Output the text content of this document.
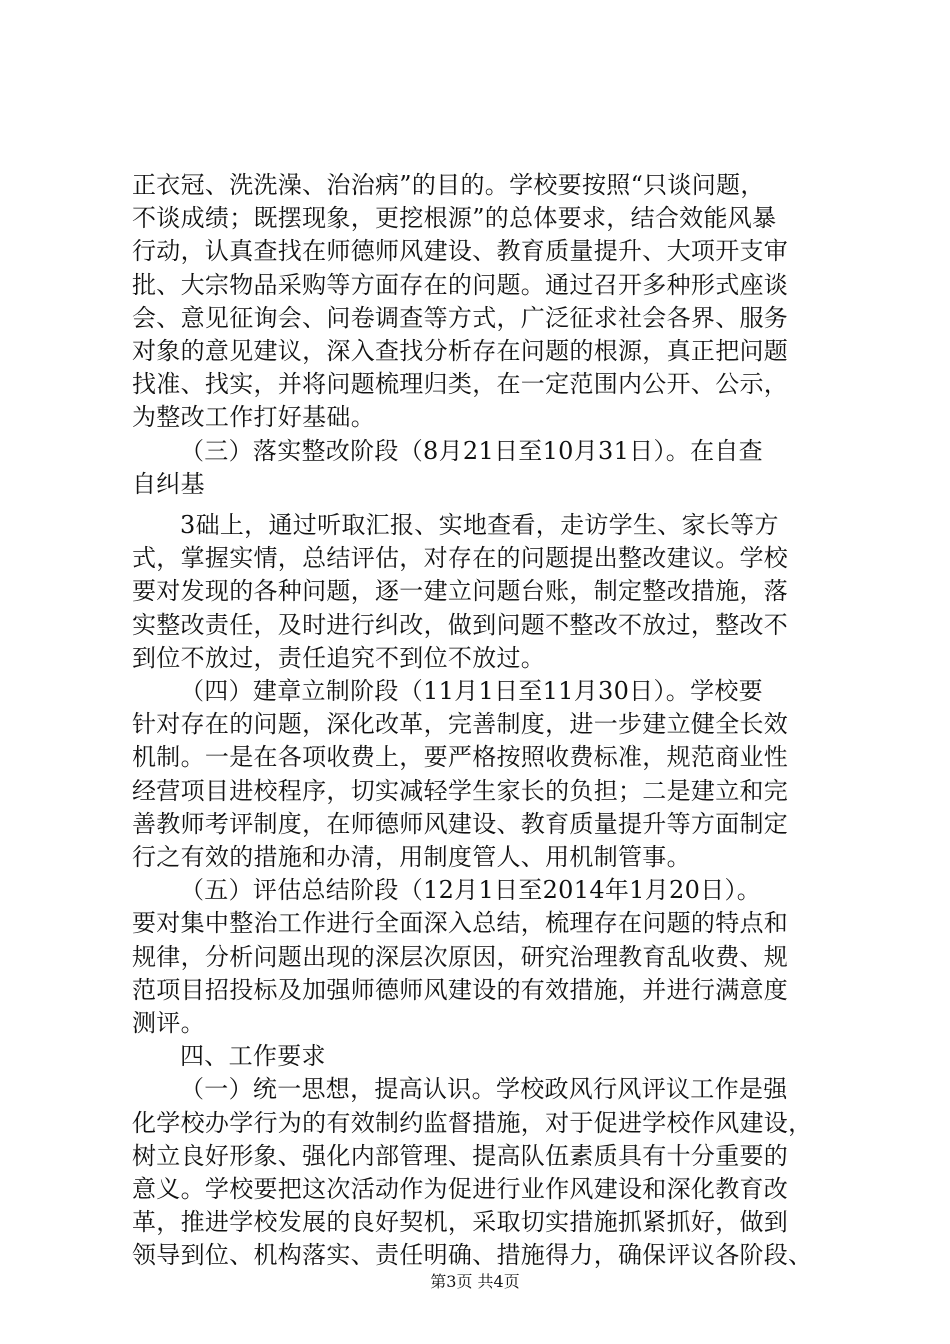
正衣冠、洗洗澡、治治病”的目的。学校要按照“只谈问题，
不谈成绩；既摆现象，更挖根源”的总体要求，结合效能风暴
行动，认真查找在师德师风建设、教育质量提升、大项开支审
批、大宗物品采购等方面存在的问题。通过召开多种形式座谈
会、意见征询会、问卷调查等方式，广泛征求社会各界、服务
对象的意见建议，深入查找分析存在问题的根源，真正把问题
找准、找实，并将问题梳理归类，在一定范围内公开、公示，
为整改工作打好基础。
（三）落实整改阶段（8月21日至10月31日）。在自查
自纠基
3础上，通过听取汇报、实地查看，走访学生、家长等方
式，掌握实情，总结评估，对存在的问题提出整改建议。学校
要对发现的各种问题，逐一建立问题台账，制定整改措施，落
实整改责任，及时进行纠改，做到问题不整改不放过，整改不
到位不放过，责任追究不到位不放过。
（四）建章立制阶段（11月1日至11月30日）。学校要
针对存在的问题，深化改革，完善制度，进一步建立健全长效
机制。一是在各项收费上，要严格按照收费标准，规范商业性
经营项目进校程序，切实减轻学生家长的负担；二是建立和完
善教师考评制度，在师德师风建设、教育质量提升等方面制定
行之有效的措施和办清，用制度管人、用机制管事。
（五）评估总结阶段（12月1日至2014年1月20日）。
要对集中整治工作进行全面深入总结，梳理存在问题的特点和
规律，分析问题出现的深层次原因，研究治理教育乱收费、规
范项目招投标及加强师德师风建设的有效措施，并进行满意度
测评。
四、工作要求
（一）统一思想，提高认识。学校政风行风评议工作是强
化学校办学行为的有效制约监督措施，对于促进学校作风建设，
树立良好形象、强化内部管理、提高队伍素质具有十分重要的
意义。学校要把这次活动作为促进行业作风建设和深化教育改
革，推进学校发展的良好契机，采取切实措施抓紧抓好，做到
领导到位、机构落实、责任明确、措施得力，确保评议各阶段、
第3页 共4页
